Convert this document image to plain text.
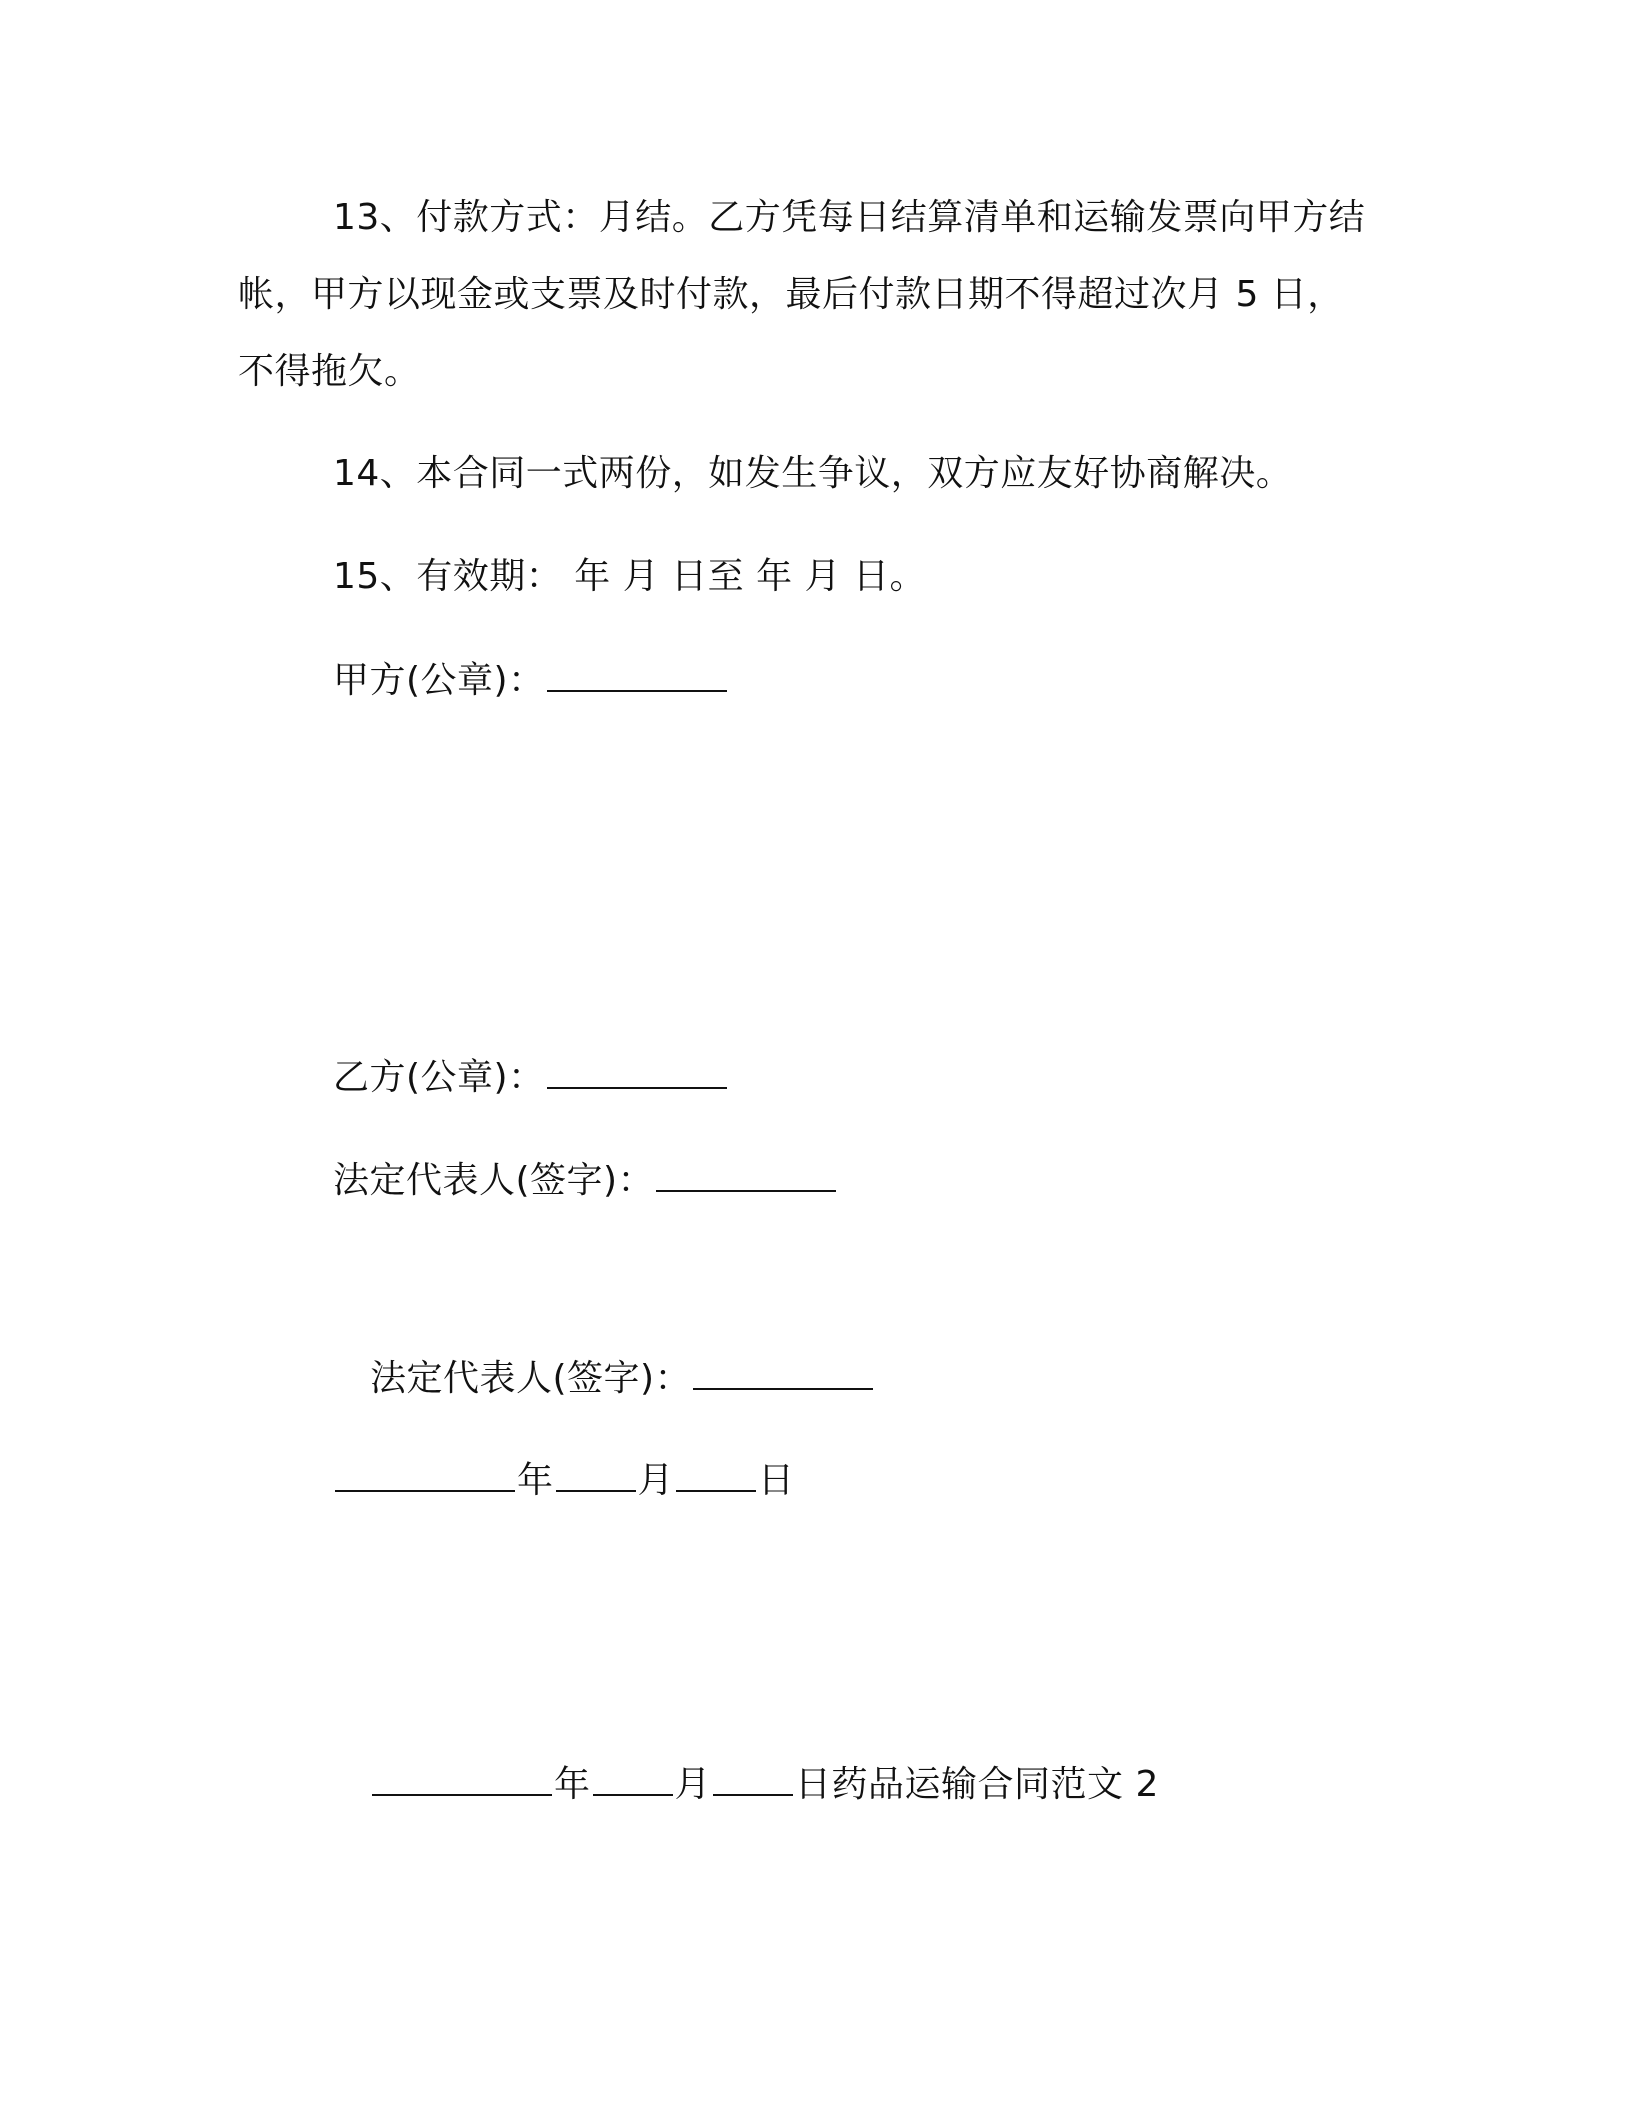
13、付款方式：月结。乙方凭每日结算清单和运输发票向甲方结
帐，甲方以现金或支票及时付款，最后付款日期不得超过次月 5 日，
不得拖欠。
14、本合同一式两份，如发生争议，双方应友好协商解决。
15、有效期： 年 月 日至 年 月 日。
甲方(公章)：
乙方(公章)：
法定代表人(签字)：
法定代表人(签字)：
年 月 日
年 月 日药品运输合同范文 2
